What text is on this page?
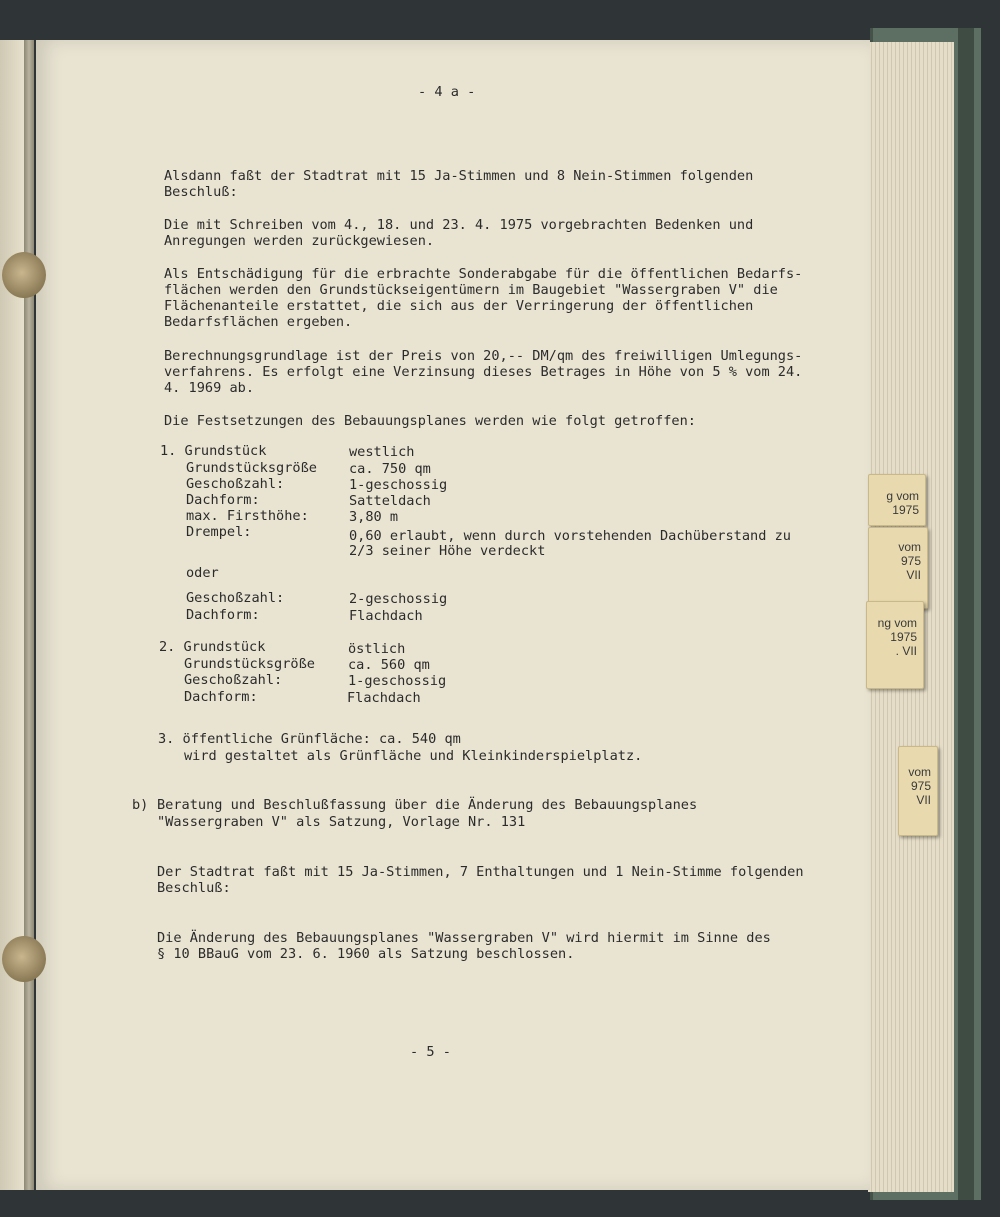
- 4 a -
Alsdann faßt der Stadtrat mit 15 Ja-Stimmen und 8 Nein-Stimmen folgenden Beschluß:
Die mit Schreiben vom 4., 18. und 23. 4. 1975 vorgebrachten Bedenken und Anregungen werden zurückgewiesen.
Als Entschädigung für die erbrachte Sonderabgabe für die öffentlichen Bedarfs-flächen werden den Grundstückseigentümern im Baugebiet "Wassergraben V" die Flächenanteile erstattet, die sich aus der Verringerung der öffentlichen Bedarfsflächen ergeben.
Berechnungsgrundlage ist der Preis von 20,-- DM/qm des freiwilligen Umlegungs-verfahrens. Es erfolgt eine Verzinsung dieses Betrages in Höhe von 5 % vom 24. 4. 1969 ab.
Die Festsetzungen des Bebauungsplanes werden wie folgt getroffen:
1. Grundstück	westlich
Grundstücksgröße ca. 750 qm
Geschoßzahl:	1-geschossig
Dachform:	Satteldach
max. Firsthöhe:	3,80 m
Drempel:	0,60 erlaubt, wenn durch vorstehenden Dachüberstand zu
2/3 seiner Höhe verdeckt
oder
Geschoßzahl:	2-geschossig
Dachform:	Flachdach
2. Grundstück	östlich
Grundstücksgröße ca. 560 qm
Geschoßzahl:	1-geschossig
Dachform:	Flachdach
3. öffentliche Grünfläche: ca. 540 qm
wird gestaltet als Grünfläche und Kleinkinderspielplatz.
b) Beratung und Beschlußfassung über die Änderung des Bebauungsplanes
"Wassergraben V" als Satzung, Vorlage Nr. 131
Der Stadtrat faßt mit 15 Ja-Stimmen, 7 Enthaltungen und 1 Nein-Stimme folgenden Beschluß:
Die Änderung des Bebauungsplanes "Wassergraben V" wird hiermit im Sinne des § 10 BBauG vom 23. 6. 1960 als Satzung beschlossen.
- 5 -
g vom
1975
vom
975
VII
ng vom
1975
. VII
vom
975
VII
